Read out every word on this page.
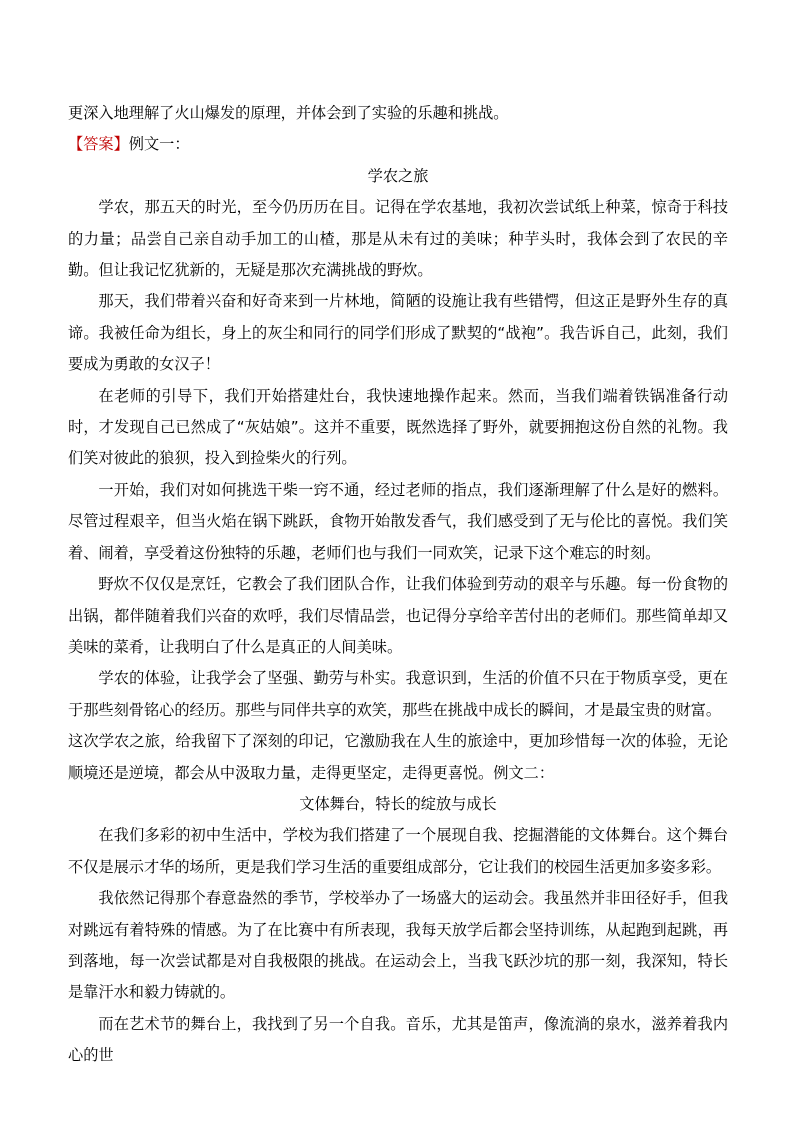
更深入地理解了火山爆发的原理，并体会到了实验的乐趣和挑战。

【答案】例文一：

学农之旅

学农，那五天的时光，至今仍历历在目。记得在学农基地，我初次尝试纸上种菜，惊奇于科技的力量；品尝自己亲自动手加工的山楂，那是从未有过的美味；种芋头时，我体会到了农民的辛勤。但让我记忆犹新的，无疑是那次充满挑战的野炊。

那天，我们带着兴奋和好奇来到一片林地，简陋的设施让我有些错愕，但这正是野外生存的真谛。我被任命为组长，身上的灰尘和同行的同学们形成了默契的“战袍”。我告诉自己，此刻，我们要成为勇敢的女汉子！

在老师的引导下，我们开始搭建灶台，我快速地操作起来。然而，当我们端着铁锅准备行动时，才发现自己已然成了“灰姑娘”。这并不重要，既然选择了野外，就要拥抱这份自然的礼物。我们笑对彼此的狼狈，投入到捡柴火的行列。

一开始，我们对如何挑选干柴一窍不通，经过老师的指点，我们逐渐理解了什么是好的燃料。尽管过程艰辛，但当火焰在锅下跳跃，食物开始散发香气，我们感受到了无与伦比的喜悦。我们笑着、闹着，享受着这份独特的乐趣，老师们也与我们一同欢笑，记录下这个难忘的时刻。

野炊不仅仅是烹饪，它教会了我们团队合作，让我们体验到劳动的艰辛与乐趣。每一份食物的出锅，都伴随着我们兴奋的欢呼，我们尽情品尝，也记得分享给辛苦付出的老师们。那些简单却又美味的菜肴，让我明白了什么是真正的人间美味。

学农的体验，让我学会了坚强、勤劳与朴实。我意识到，生活的价值不只在于物质享受，更在于那些刻骨铭心的经历。那些与同伴共享的欢笑，那些在挑战中成长的瞬间，才是最宝贵的财富。

这次学农之旅，给我留下了深刻的印记，它激励我在人生的旅途中，更加珍惜每一次的体验，无论顺境还是逆境，都会从中汲取力量，走得更坚定，走得更喜悦。例文二：

文体舞台，特长的绽放与成长

在我们多彩的初中生活中，学校为我们搭建了一个展现自我、挖掘潜能的文体舞台。这个舞台不仅是展示才华的场所，更是我们学习生活的重要组成部分，它让我们的校园生活更加多姿多彩。

我依然记得那个春意盎然的季节，学校举办了一场盛大的运动会。我虽然并非田径好手，但我对跳远有着特殊的情感。为了在比赛中有所表现，我每天放学后都会坚持训练，从起跑到起跳，再到落地，每一次尝试都是对自我极限的挑战。在运动会上，当我飞跃沙坑的那一刻，我深知，特长是靠汗水和毅力铸就的。

而在艺术节的舞台上，我找到了另一个自我。音乐，尤其是笛声，像流淌的泉水，滋养着我内心的世
